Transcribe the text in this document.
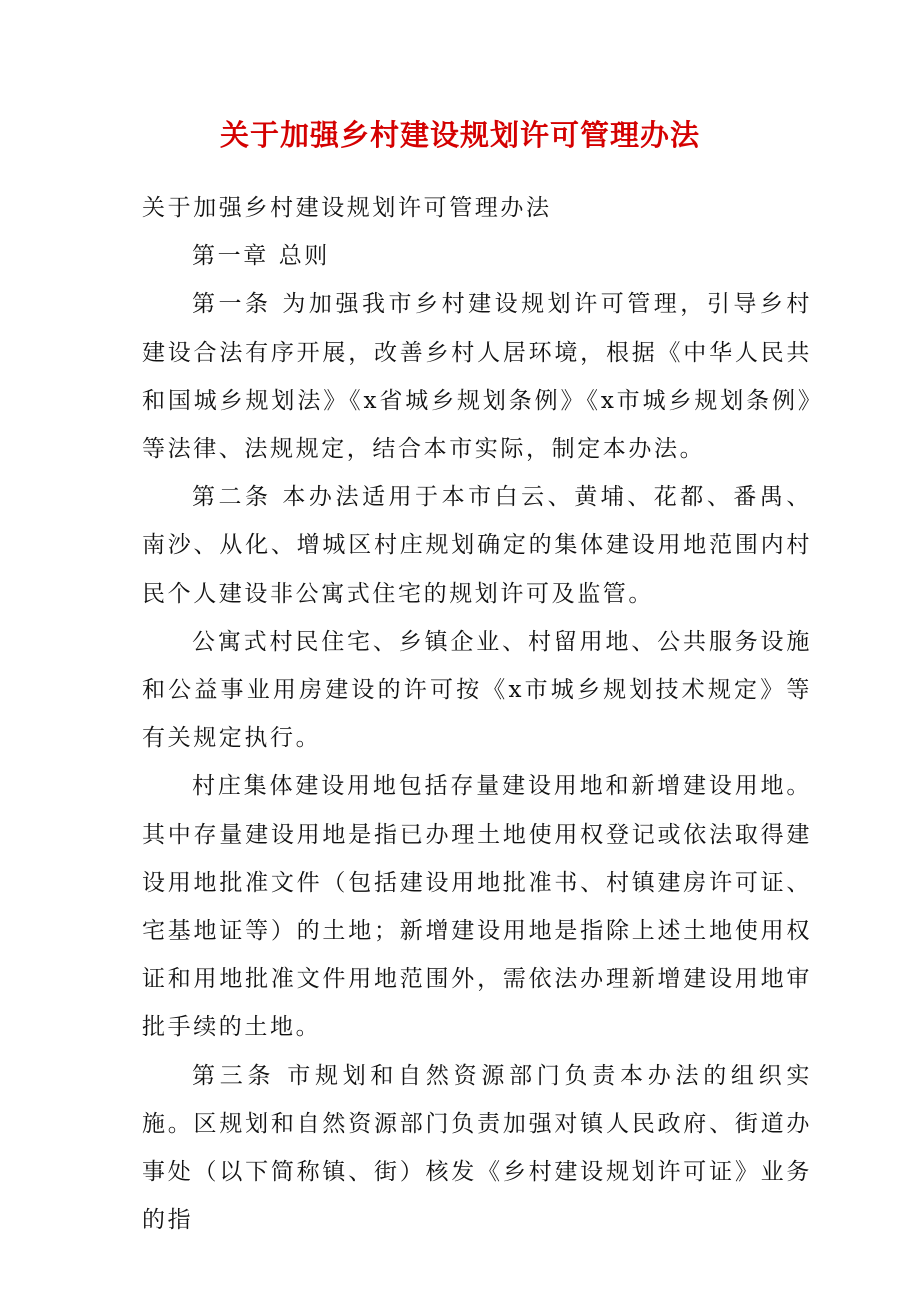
关于加强乡村建设规划许可管理办法

关于加强乡村建设规划许可管理办法

第一章 总则

第一条 为加强我市乡村建设规划许可管理，引导乡村建设合法有序开展，改善乡村人居环境，根据《中华人民共和国城乡规划法》《x省城乡规划条例》《x市城乡规划条例》等法律、法规规定，结合本市实际，制定本办法。

第二条 本办法适用于本市白云、黄埔、花都、番禺、南沙、从化、增城区村庄规划确定的集体建设用地范围内村民个人建设非公寓式住宅的规划许可及监管。

公寓式村民住宅、乡镇企业、村留用地、公共服务设施和公益事业用房建设的许可按《x市城乡规划技术规定》等有关规定执行。

村庄集体建设用地包括存量建设用地和新增建设用地。其中存量建设用地是指已办理土地使用权登记或依法取得建设用地批准文件（包括建设用地批准书、村镇建房许可证、宅基地证等）的土地；新增建设用地是指除上述土地使用权证和用地批准文件用地范围外，需依法办理新增建设用地审批手续的土地。

第三条 市规划和自然资源部门负责本办法的组织实施。区规划和自然资源部门负责加强对镇人民政府、街道办事处（以下简称镇、街）核发《乡村建设规划许可证》业务的指
